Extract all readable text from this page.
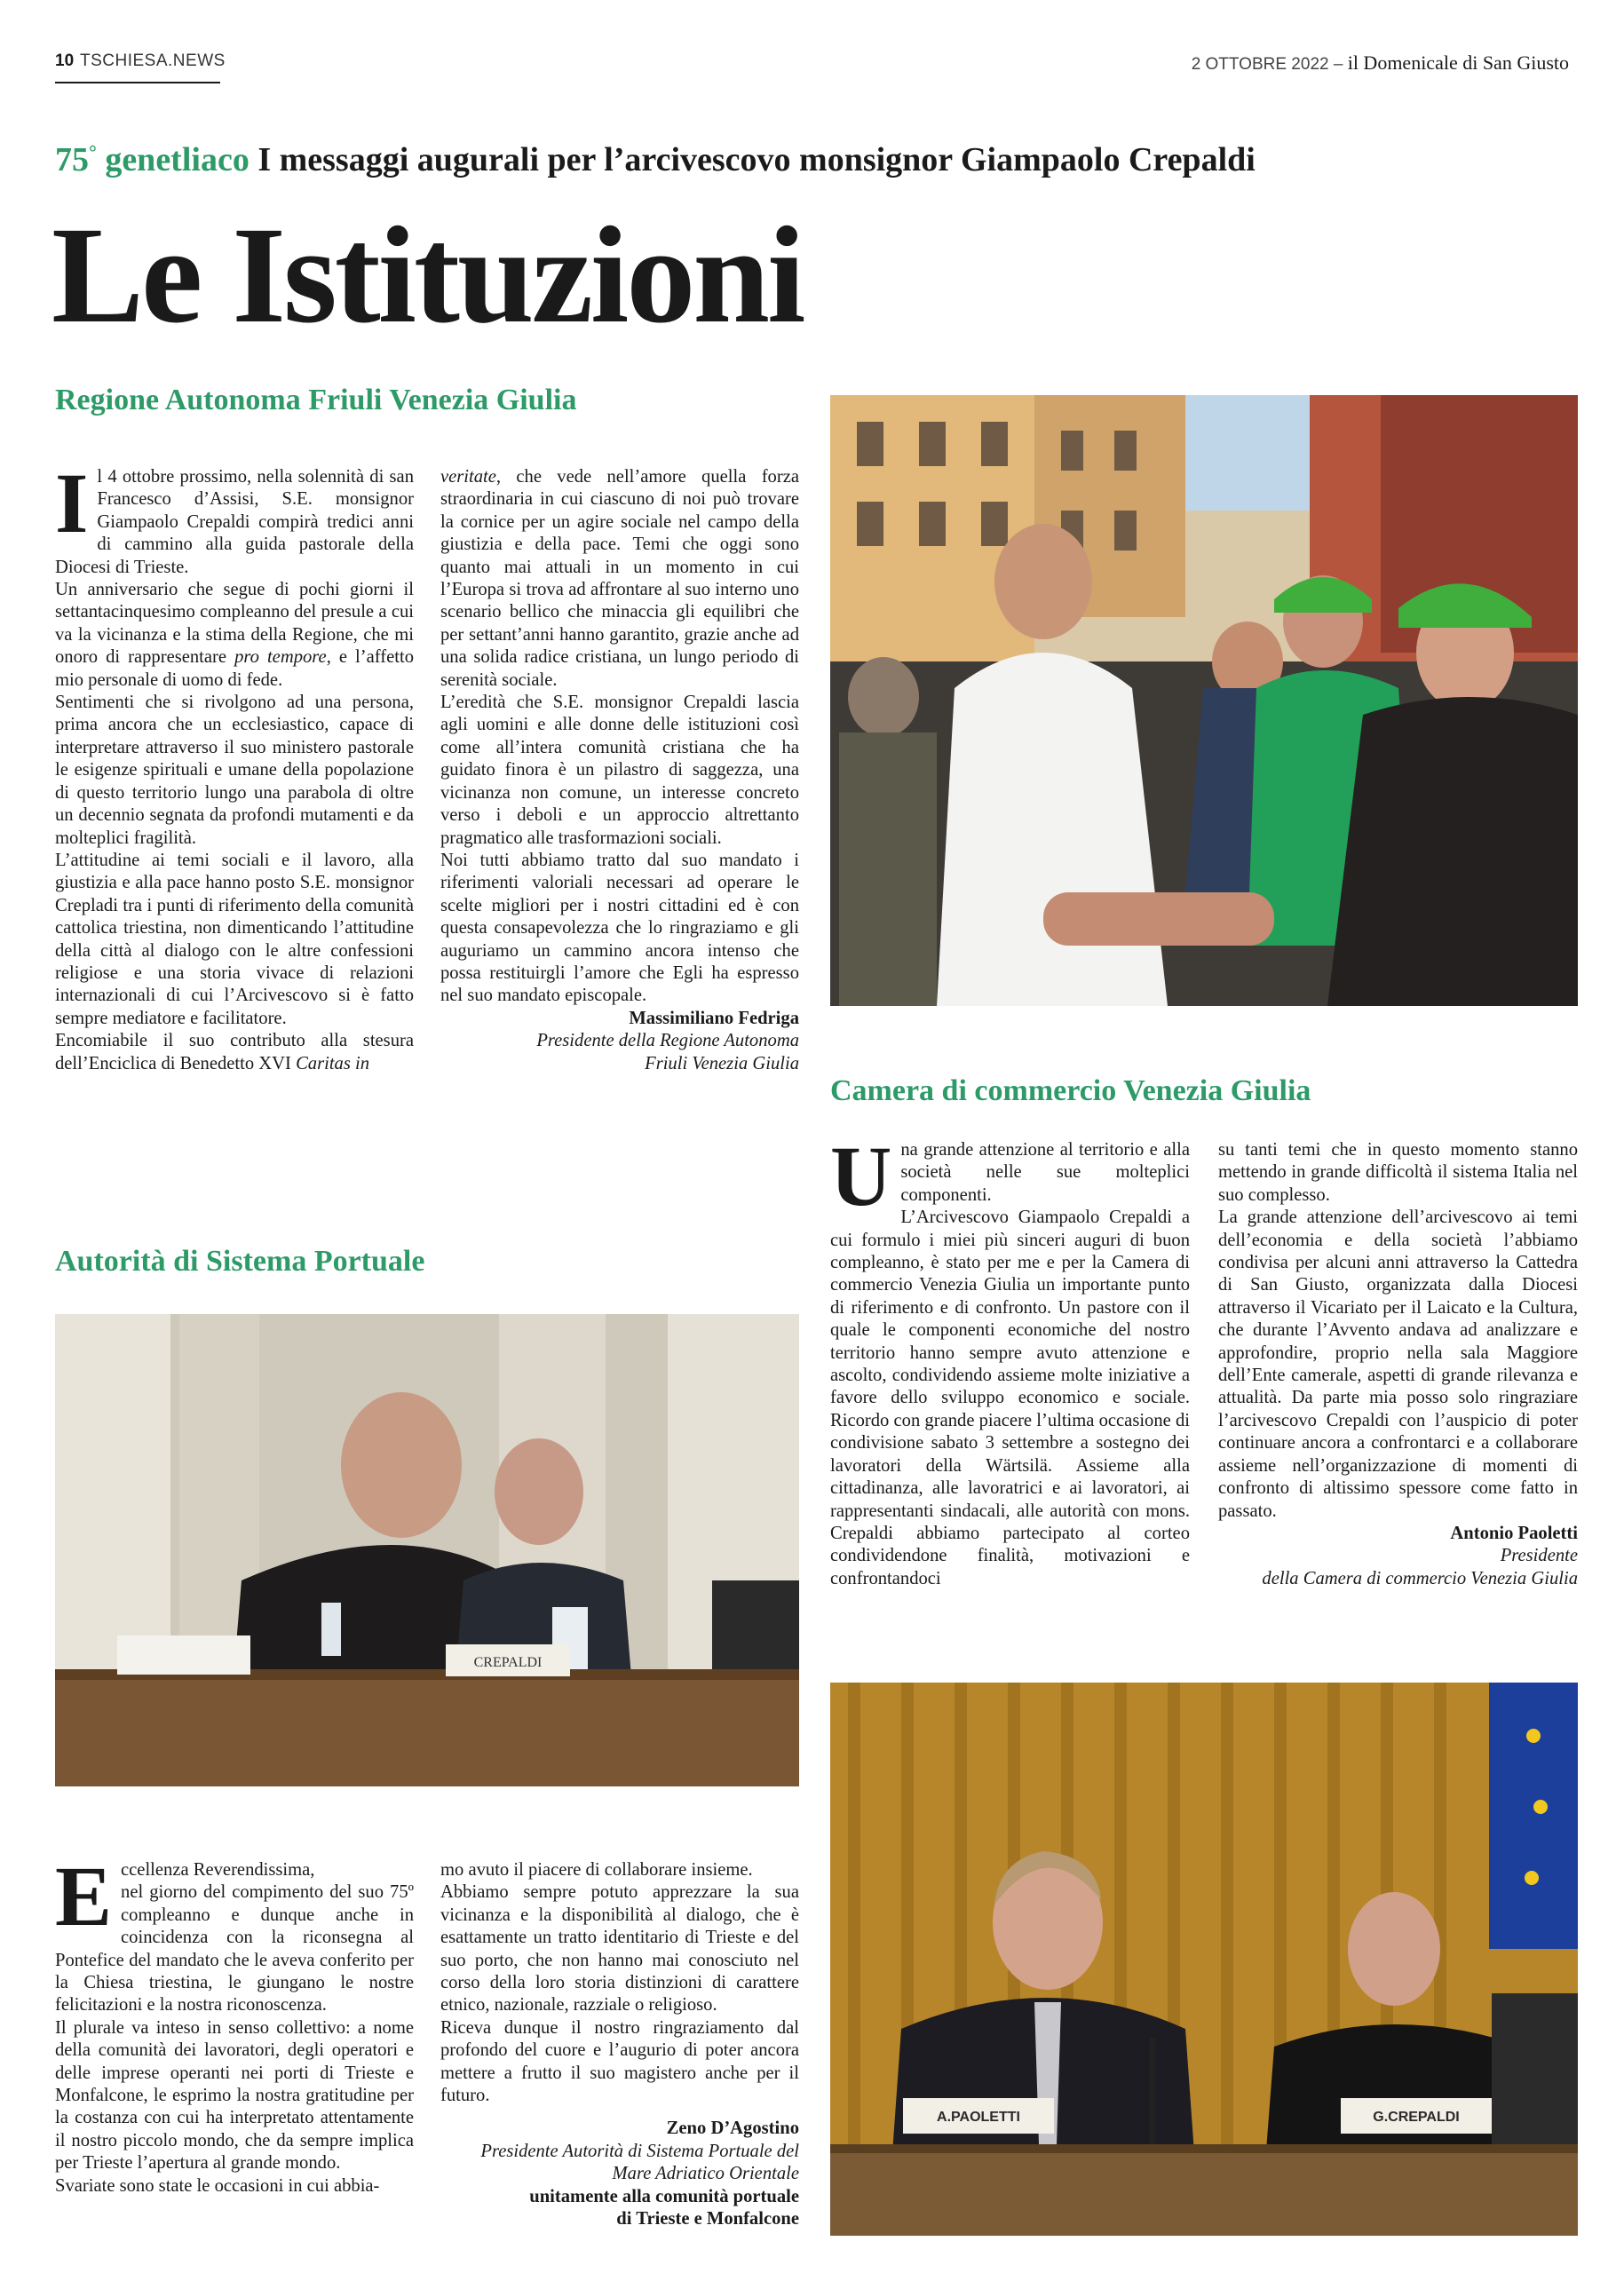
10 TSCHIESA.NEWS	2 OTTOBRE 2022 – il Domenicale di San Giusto
75° genetliaco I messaggi augurali per l’arcivescovo monsignor Giampaolo Crepaldi
Le Istituzioni
Regione Autonoma Friuli Venezia Giulia

Il 4 ottobre prossimo, nella solennità di san Francesco d’Assisi, S.E. monsignor Giampaolo Crepaldi compirà tredici anni di cammino alla guida pastorale della Diocesi di Trieste.

Un anniversario che segue di pochi giorni il settantacinquesimo compleanno del presule a cui va la vicinanza e la stima della Regione, che mi onoro di rappresentare pro tempore, e l’affetto mio personale di uomo di fede.

Sentimenti che si rivolgono ad una persona, prima ancora che un ecclesiastico, capace di interpretare attraverso il suo ministero pastorale le esigenze spirituali e umane della popolazione di questo territorio lungo una parabola di oltre un decennio segnata da profondi mutamenti e da molteplici fragilità.

L’attitudine ai temi sociali e il lavoro, alla giustizia e alla pace hanno posto S.E. monsignor Crepladi tra i punti di riferimento della comunità cattolica triestina, non dimenticando l’attitudine della città al dialogo con le altre confessioni religiose e una storia vivace di relazioni internazionali di cui l’Arcivescovo si è fatto sempre mediatore e facilitatore.

Encomiabile il suo contributo alla stesura dell’Enciclica di Benedetto XVI Caritas in

veritate, che vede nell’amore quella forza straordinaria in cui ciascuno di noi può trovare la cornice per un agire sociale nel campo della giustizia e della pace. Temi che oggi sono quanto mai attuali in un momento in cui l’Europa si trova ad affrontare al suo interno uno scenario bellico che minaccia gli equilibri che per settant’anni hanno garantito, grazie anche ad una solida radice cristiana, un lungo periodo di serenità sociale.

L’eredità che S.E. monsignor Crepaldi lascia agli uomini e alle donne delle istituzioni così come all’intera comunità cristiana che ha guidato finora è un pilastro di saggezza, una vicinanza non comune, un interesse concreto verso i deboli e un approccio altrettanto pragmatico alle trasformazioni sociali.

Noi tutti abbiamo tratto dal suo mandato i riferimenti valoriali necessari ad operare le scelte migliori per i nostri cittadini ed è con questa consapevolezza che lo ringraziamo e gli auguriamo un cammino ancora intenso che possa restituirgli l’amore che Egli ha espresso nel suo mandato episcopale.

Massimiliano Fedriga
Presidente della Regione Autonoma
Friuli Venezia Giulia
Camera di commercio Venezia Giulia

Una grande attenzione al territorio e alla società nelle sue molteplici componenti.

L’Arcivescovo Giampaolo Crepaldi a cui formulo i miei più sinceri auguri di buon compleanno, è stato per me e per la Camera di commercio Venezia Giulia un importante punto di riferimento e di confronto. Un pastore con il quale le componenti economiche del nostro territorio hanno sempre avuto attenzione e ascolto, condividendo assieme molte iniziative a favore dello sviluppo economico e sociale. Ricordo con grande piacere l’ultima occasione di condivisione sabato 3 settembre a sostegno dei lavoratori della Wärtsilä. Assieme alla cittadinanza, alle lavoratrici e ai lavoratori, ai rappresentanti sindacali, alle autorità con mons. Crepaldi abbiamo partecipato al corteo condividendone finalità, motivazioni e confrontandoci

su tanti temi che in questo momento stanno mettendo in grande difficoltà il sistema Italia nel suo complesso.

La grande attenzione dell’arcivescovo ai temi dell’economia e della società l’abbiamo condivisa per alcuni anni attraverso la Cattedra di San Giusto, organizzata dalla Diocesi attraverso il Vicariato per il Laicato e la Cultura, che durante l’Avvento andava ad analizzare e approfondire, proprio nella sala Maggiore dell’Ente camerale, aspetti di grande rilevanza e attualità. Da parte mia posso solo ringraziare l’arcivescovo Crepaldi con l’auspicio di poter continuare ancora a confrontarci e a collaborare assieme nell’organizzazione di momenti di confronto di altissimo spessore come fatto in passato.

Antonio Paoletti
Presidente
della Camera di commercio Venezia Giulia
Autorità di Sistema Portuale
CREPALDI

Eccellenza Reverendissima,

nel giorno del compimento del suo 75º compleanno e dunque anche in coincidenza con la riconsegna al Pontefice del mandato che le aveva conferito per la Chiesa triestina, le giungano le nostre felicitazioni e la nostra riconoscenza.

Il plurale va inteso in senso collettivo: a nome della comunità dei lavoratori, degli operatori e delle imprese operanti nei porti di Trieste e Monfalcone, le esprimo la nostra gratitudine per la costanza con cui ha interpretato attentamente il nostro piccolo mondo, che da sempre implica per Trieste l’apertura al grande mondo.

Svariate sono state le occasioni in cui abbia-

mo avuto il piacere di collaborare insieme.

Abbiamo sempre potuto apprezzare la sua vicinanza e la disponibilità al dialogo, che è esattamente un tratto identitario di Trieste e del suo porto, che non hanno mai conosciuto nel corso della loro storia distinzioni di carattere etnico, nazionale, razziale o religioso.

Riceva dunque il nostro ringraziamento dal profondo del cuore e l’augurio di poter ancora mettere a frutto il suo magistero anche per il futuro.

Zeno D’Agostino
Presidente Autorità di Sistema Portuale del
Mare Adriatico Orientale
unitamente alla comunità portuale
di Trieste e Monfalcone
A.PAOLETTI	G.CREPALDI
